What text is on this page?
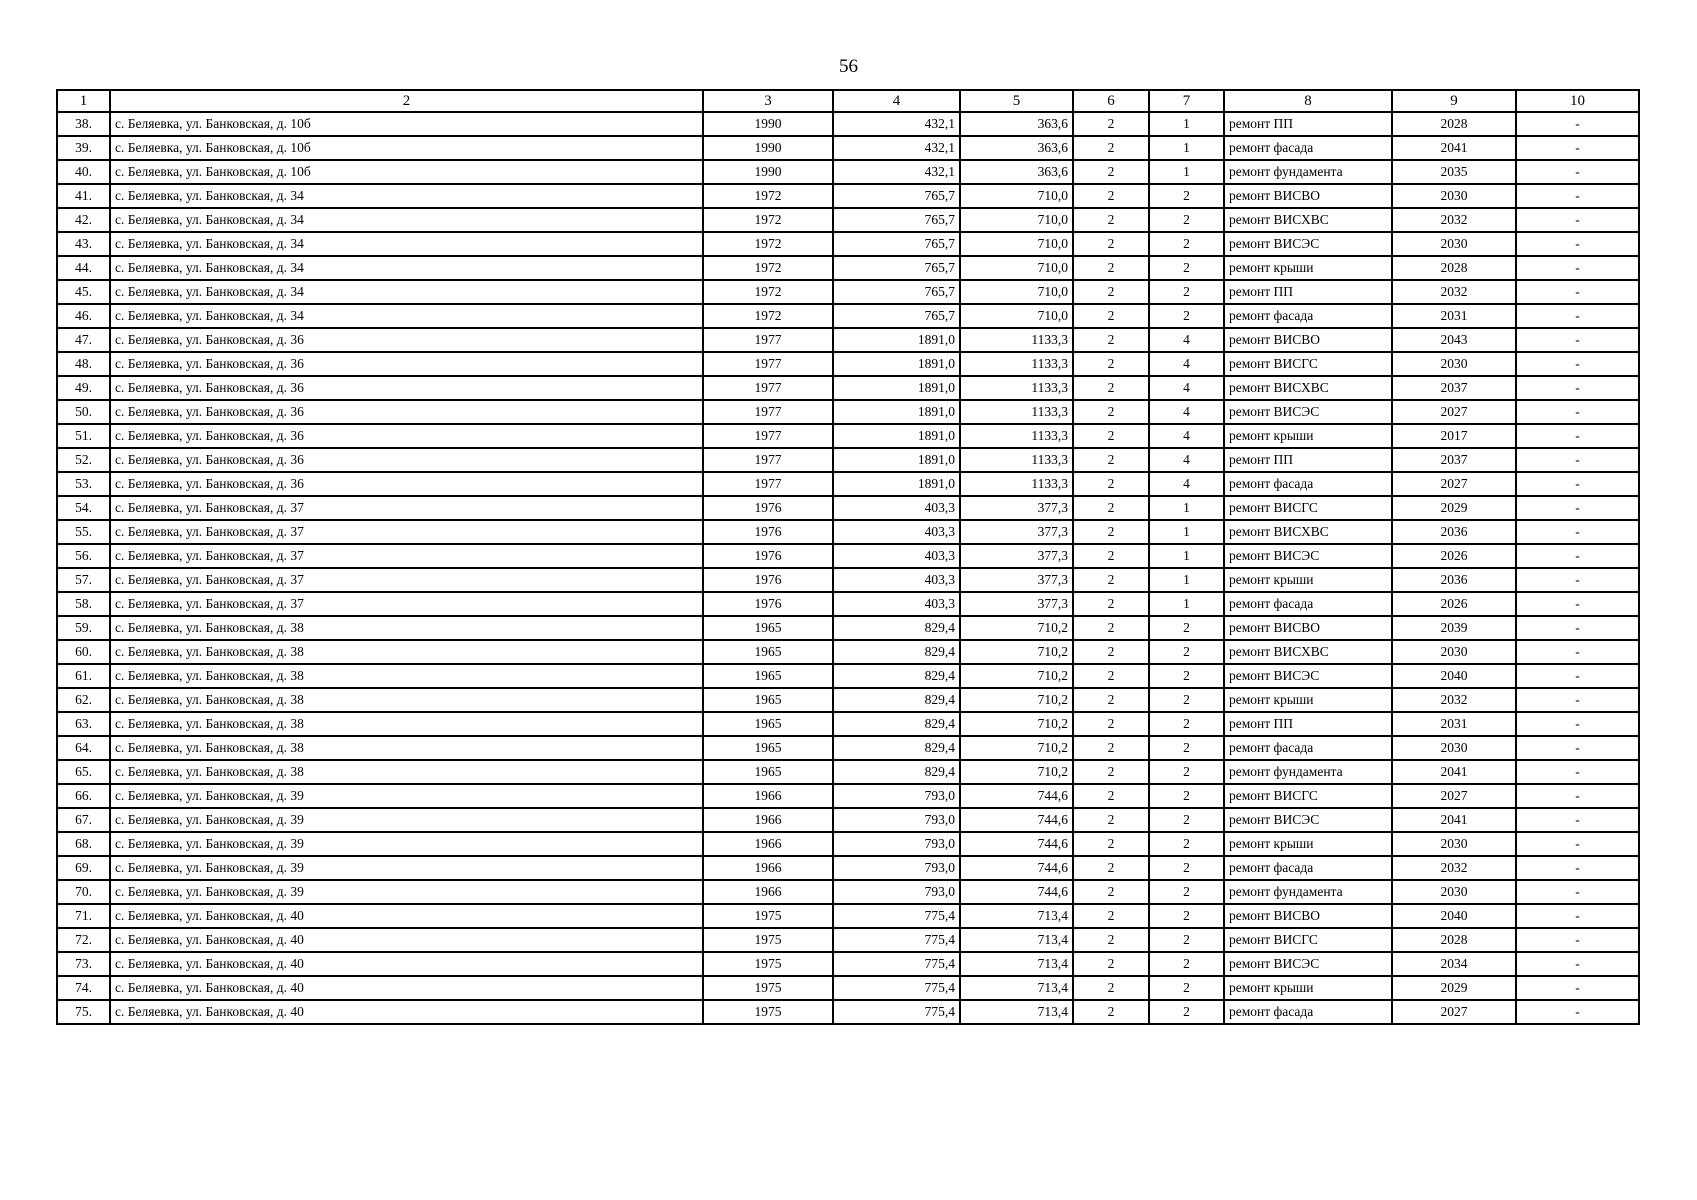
56
1	2	3	4	5	6	7	8	9	10
38.	с. Беляевка, ул. Банковская, д. 10б	1990	432,1	363,6	2	1	ремонт ПП	2028	-
39.	с. Беляевка, ул. Банковская, д. 10б	1990	432,1	363,6	2	1	ремонт фасада	2041	-
40.	с. Беляевка, ул. Банковская, д. 10б	1990	432,1	363,6	2	1	ремонт фундамента	2035	-
41.	с. Беляевка, ул. Банковская, д. 34	1972	765,7	710,0	2	2	ремонт ВИСВО	2030	-
42.	с. Беляевка, ул. Банковская, д. 34	1972	765,7	710,0	2	2	ремонт ВИСХВС	2032	-
43.	с. Беляевка, ул. Банковская, д. 34	1972	765,7	710,0	2	2	ремонт ВИСЭС	2030	-
44.	с. Беляевка, ул. Банковская, д. 34	1972	765,7	710,0	2	2	ремонт крыши	2028	-
45.	с. Беляевка, ул. Банковская, д. 34	1972	765,7	710,0	2	2	ремонт ПП	2032	-
46.	с. Беляевка, ул. Банковская, д. 34	1972	765,7	710,0	2	2	ремонт фасада	2031	-
47.	с. Беляевка, ул. Банковская, д. 36	1977	1891,0	1133,3	2	4	ремонт ВИСВО	2043	-
48.	с. Беляевка, ул. Банковская, д. 36	1977	1891,0	1133,3	2	4	ремонт ВИСГС	2030	-
49.	с. Беляевка, ул. Банковская, д. 36	1977	1891,0	1133,3	2	4	ремонт ВИСХВС	2037	-
50.	с. Беляевка, ул. Банковская, д. 36	1977	1891,0	1133,3	2	4	ремонт ВИСЭС	2027	-
51.	с. Беляевка, ул. Банковская, д. 36	1977	1891,0	1133,3	2	4	ремонт крыши	2017	-
52.	с. Беляевка, ул. Банковская, д. 36	1977	1891,0	1133,3	2	4	ремонт ПП	2037	-
53.	с. Беляевка, ул. Банковская, д. 36	1977	1891,0	1133,3	2	4	ремонт фасада	2027	-
54.	с. Беляевка, ул. Банковская, д. 37	1976	403,3	377,3	2	1	ремонт ВИСГС	2029	-
55.	с. Беляевка, ул. Банковская, д. 37	1976	403,3	377,3	2	1	ремонт ВИСХВС	2036	-
56.	с. Беляевка, ул. Банковская, д. 37	1976	403,3	377,3	2	1	ремонт ВИСЭС	2026	-
57.	с. Беляевка, ул. Банковская, д. 37	1976	403,3	377,3	2	1	ремонт крыши	2036	-
58.	с. Беляевка, ул. Банковская, д. 37	1976	403,3	377,3	2	1	ремонт фасада	2026	-
59.	с. Беляевка, ул. Банковская, д. 38	1965	829,4	710,2	2	2	ремонт ВИСВО	2039	-
60.	с. Беляевка, ул. Банковская, д. 38	1965	829,4	710,2	2	2	ремонт ВИСХВС	2030	-
61.	с. Беляевка, ул. Банковская, д. 38	1965	829,4	710,2	2	2	ремонт ВИСЭС	2040	-
62.	с. Беляевка, ул. Банковская, д. 38	1965	829,4	710,2	2	2	ремонт крыши	2032	-
63.	с. Беляевка, ул. Банковская, д. 38	1965	829,4	710,2	2	2	ремонт ПП	2031	-
64.	с. Беляевка, ул. Банковская, д. 38	1965	829,4	710,2	2	2	ремонт фасада	2030	-
65.	с. Беляевка, ул. Банковская, д. 38	1965	829,4	710,2	2	2	ремонт фундамента	2041	-
66.	с. Беляевка, ул. Банковская, д. 39	1966	793,0	744,6	2	2	ремонт ВИСГС	2027	-
67.	с. Беляевка, ул. Банковская, д. 39	1966	793,0	744,6	2	2	ремонт ВИСЭС	2041	-
68.	с. Беляевка, ул. Банковская, д. 39	1966	793,0	744,6	2	2	ремонт крыши	2030	-
69.	с. Беляевка, ул. Банковская, д. 39	1966	793,0	744,6	2	2	ремонт фасада	2032	-
70.	с. Беляевка, ул. Банковская, д. 39	1966	793,0	744,6	2	2	ремонт фундамента	2030	-
71.	с. Беляевка, ул. Банковская, д. 40	1975	775,4	713,4	2	2	ремонт ВИСВО	2040	-
72.	с. Беляевка, ул. Банковская, д. 40	1975	775,4	713,4	2	2	ремонт ВИСГС	2028	-
73.	с. Беляевка, ул. Банковская, д. 40	1975	775,4	713,4	2	2	ремонт ВИСЭС	2034	-
74.	с. Беляевка, ул. Банковская, д. 40	1975	775,4	713,4	2	2	ремонт крыши	2029	-
75.	с. Беляевка, ул. Банковская, д. 40	1975	775,4	713,4	2	2	ремонт фасада	2027	-
